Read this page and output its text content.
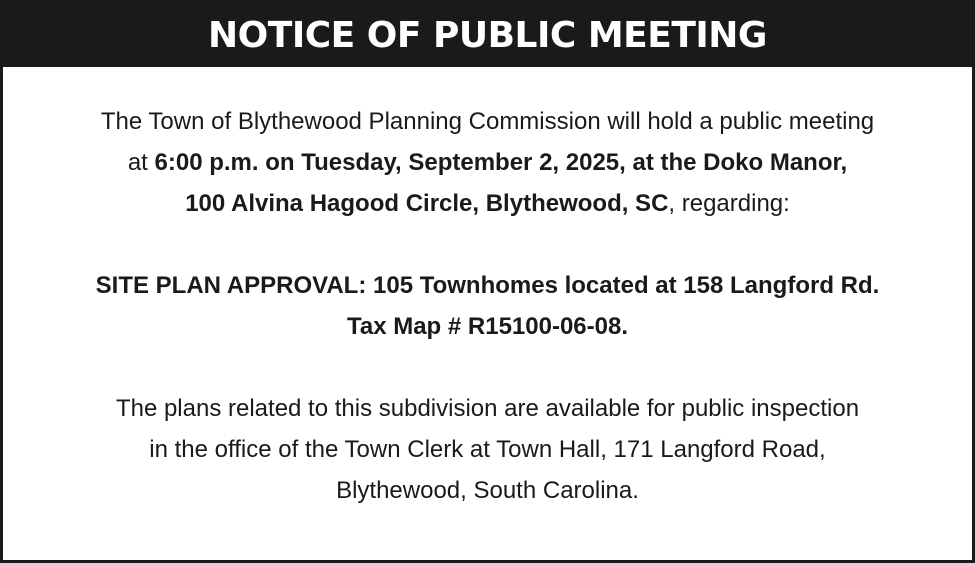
NOTICE OF PUBLIC MEETING
The Town of Blythewood Planning Commission will hold a public meeting
at 6:00 p.m. on Tuesday, September 2, 2025, at the Doko Manor,
100 Alvina Hagood Circle, Blythewood, SC, regarding:
SITE PLAN APPROVAL: 105 Townhomes located at 158 Langford Rd.
Tax Map # R15100-06-08.
The plans related to this subdivision are available for public inspection
in the office of the Town Clerk at Town Hall, 171 Langford Road,
Blythewood, South Carolina.
